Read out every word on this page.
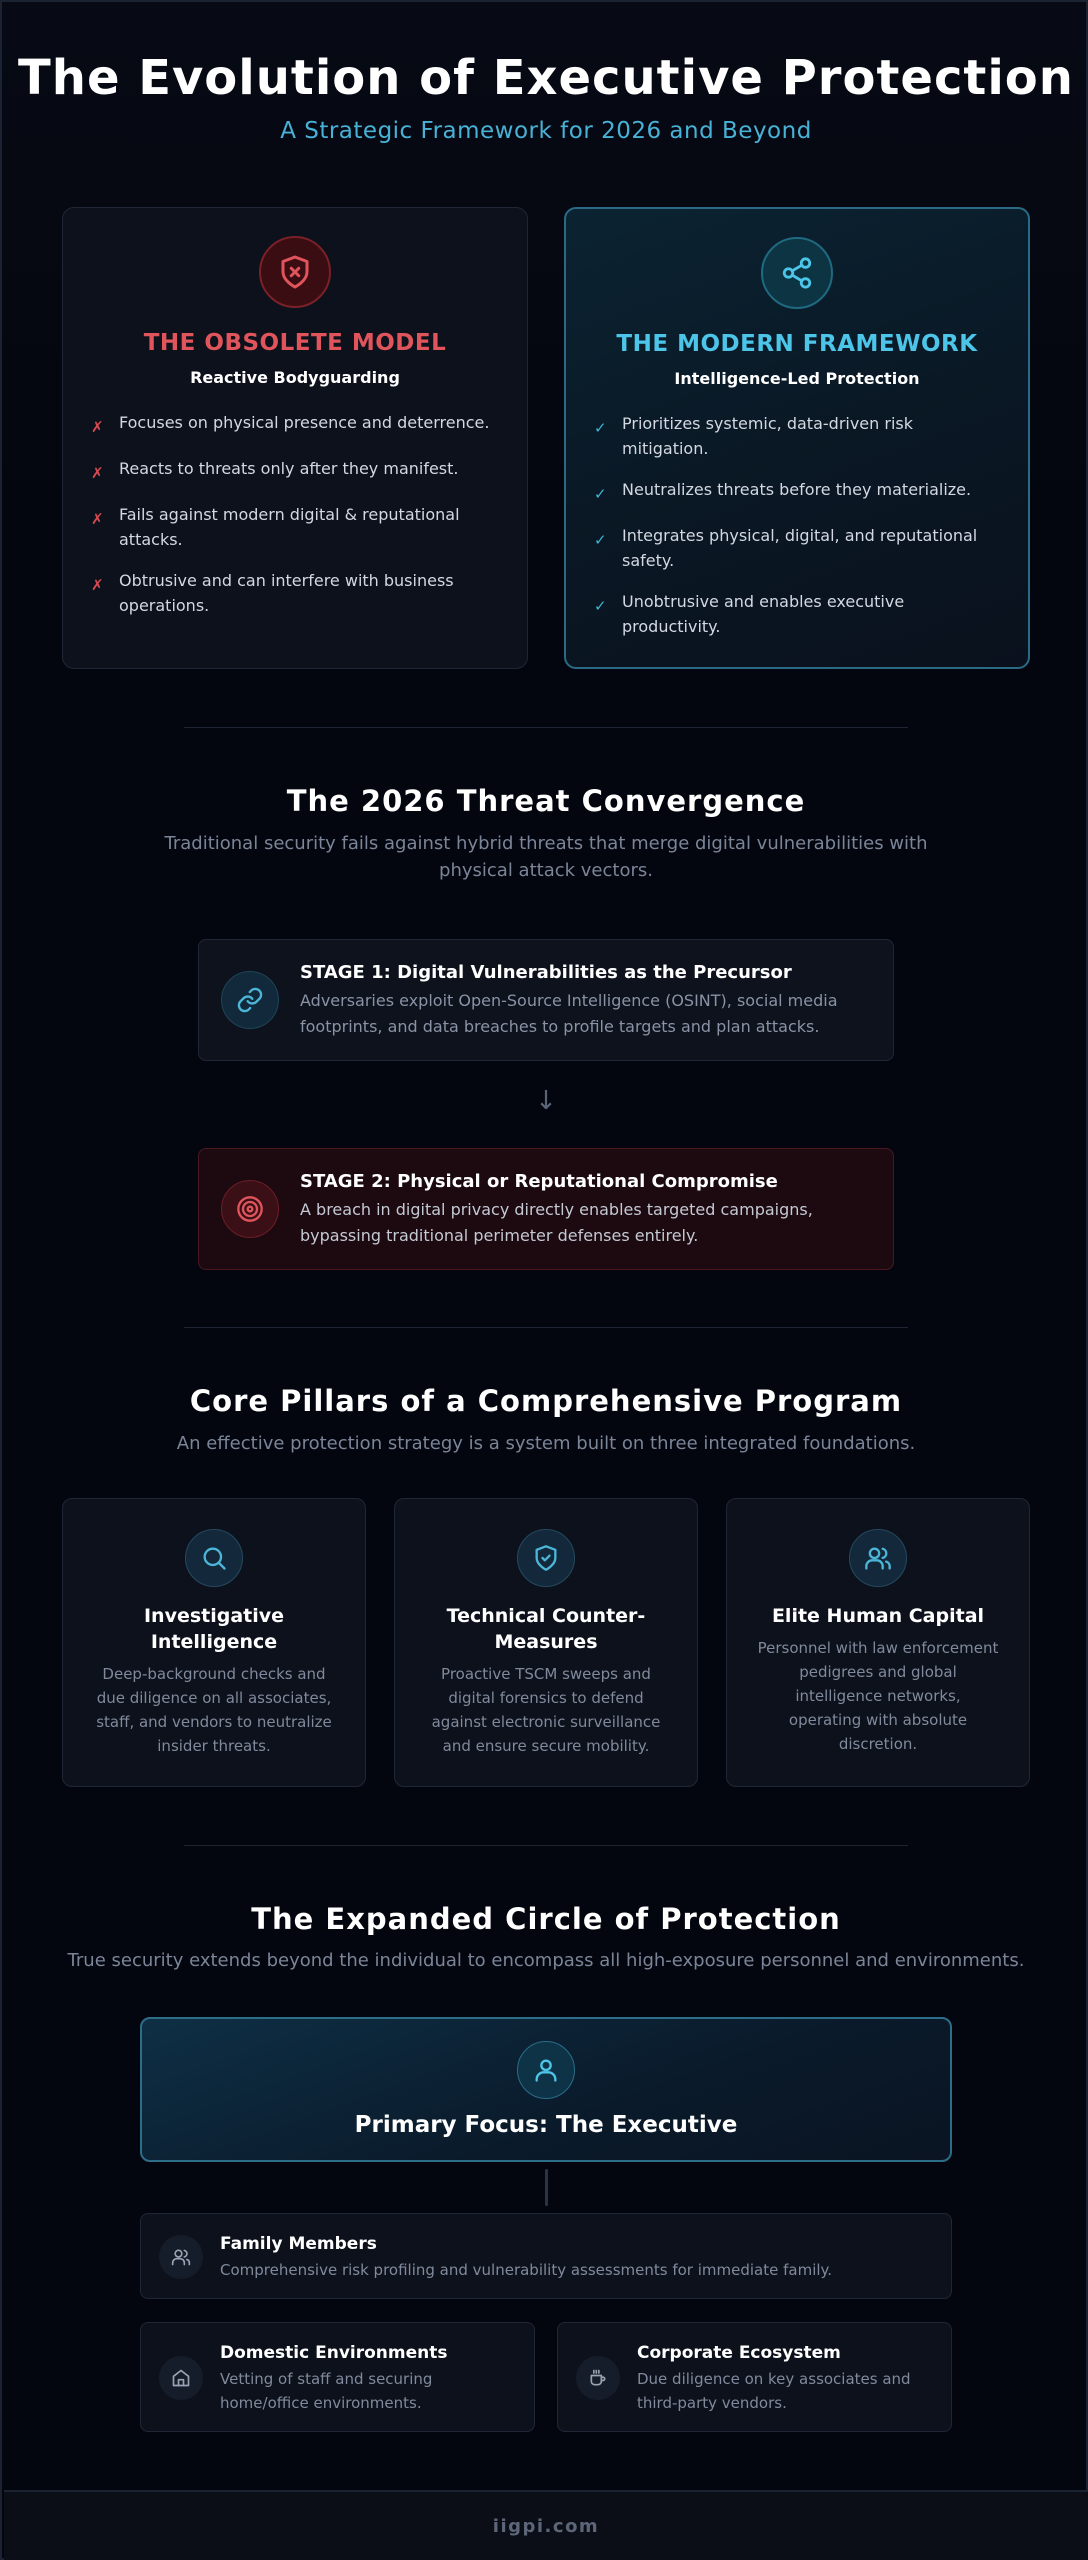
The Evolution of Executive Protection
A Strategic Framework for 2026 and Beyond
THE OBSOLETE MODEL
Reactive Bodyguarding
✗ Focuses on physical presence and deterrence.
✗ Reacts to threats only after they manifest.
✗ Fails against modern digital & reputational attacks.
✗ Obtrusive and can interfere with business operations.
THE MODERN FRAMEWORK
Intelligence-Led Protection
✓ Prioritizes systemic, data-driven risk mitigation.
✓ Neutralizes threats before they materialize.
✓ Integrates physical, digital, and reputational safety.
✓ Unobtrusive and enables executive productivity.
The 2026 Threat Convergence
Traditional security fails against hybrid threats that merge digital vulnerabilities with physical attack vectors.
STAGE 1: Digital Vulnerabilities as the Precursor
Adversaries exploit Open-Source Intelligence (OSINT), social media footprints, and data breaches to profile targets and plan attacks.
↓
STAGE 2: Physical or Reputational Compromise
A breach in digital privacy directly enables targeted campaigns, bypassing traditional perimeter defenses entirely.
Core Pillars of a Comprehensive Program
An effective protection strategy is a system built on three integrated foundations.
Investigative Intelligence
Deep-background checks and due diligence on all associates, staff, and vendors to neutralize insider threats.
Technical Counter-Measures
Proactive TSCM sweeps and digital forensics to defend against electronic surveillance and ensure secure mobility.
Elite Human Capital
Personnel with law enforcement pedigrees and global intelligence networks, operating with absolute discretion.
The Expanded Circle of Protection
True security extends beyond the individual to encompass all high-exposure personnel and environments.
Primary Focus: The Executive
Family Members
Comprehensive risk profiling and vulnerability assessments for immediate family.
Domestic Environments
Vetting of staff and securing home/office environments.
Corporate Ecosystem
Due diligence on key associates and third-party vendors.
iigpi.com
